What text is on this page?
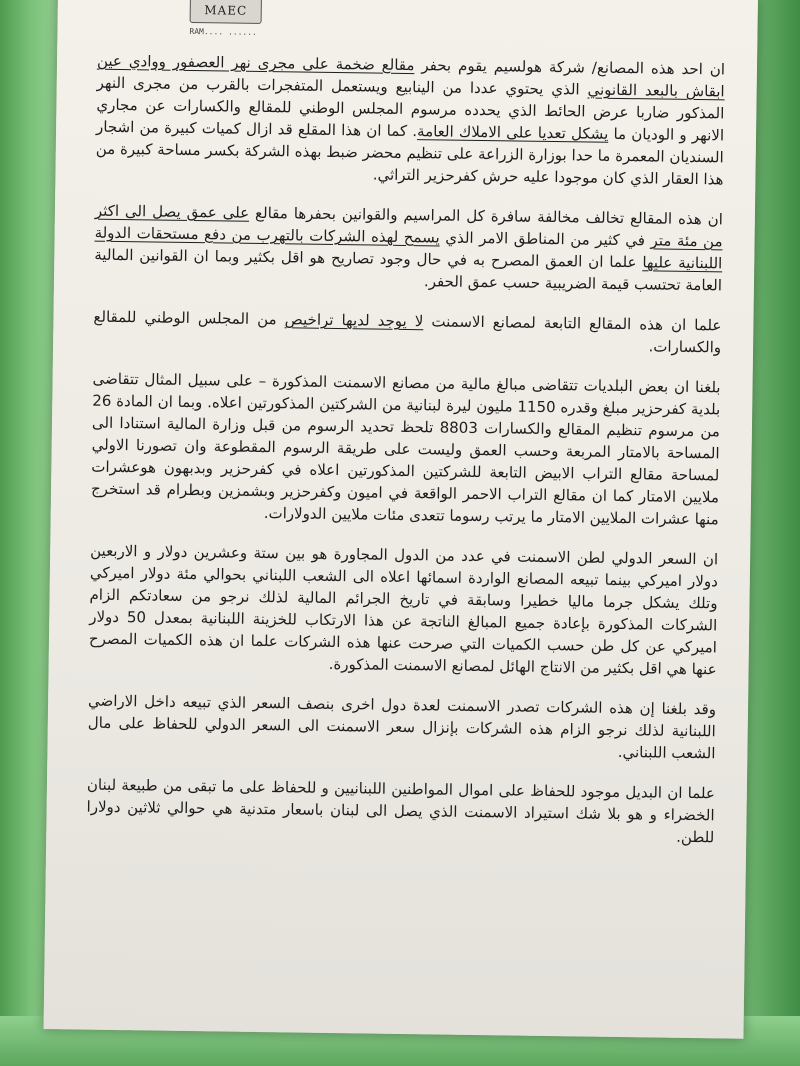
MAEC
RAM.... ......

ان احد هذه المصانع/ شركة هولسيم يقوم بحفر مقالع ضخمة على مجرى نهر العصفور ووادي عين ابقاش بالبعد القانوني الذي يحتوي عددا من الينابيع ويستعمل المتفجرات بالقرب من مجرى النهر المذكور ضاربا عرض الحائط الذي يحدده مرسوم المجلس الوطني للمقالع والكسارات عن مجاري الانهر و الوديان ما يشكل تعديا على الاملاك العامة. كما ان هذا المقلع قد ازال كميات كبيرة من اشجار السنديان المعمرة ما حدا بوزارة الزراعة على تنظيم محضر ضبط بهذه الشركة بكسر مساحة كبيرة من هذا العقار الذي كان موجودا عليه حرش كفرحزير التراثي.

ان هذه المقالع تخالف مخالفة سافرة كل المراسيم والقوانين بحفرها مقالع على عمق يصل الى اكثر من مئة متر في كثير من المناطق الامر الذي يسمح لهذه الشركات بالتهرب من دفع مستحقات الدولة اللبنانية عليها علما ان العمق المصرح به في حال وجود تصاريح هو اقل بكثير وبما ان القوانين المالية العامة تحتسب قيمة الضريبية حسب عمق الحفر.

علما ان هذه المقالع التابعة لمصانع الاسمنت لا يوجد لديها تراخيص من المجلس الوطني للمقالع والكسارات.

بلغنا ان بعض البلديات تتقاضى مبالغ مالية من مصانع الاسمنت المذكورة – على سبيل المثال تتقاضى بلدية كفرحزير مبلغ وقدره 1150 مليون ليرة لبنانية من الشركتين المذكورتين اعلاه. وبما ان المادة 26 من مرسوم تنظيم المقالع والكسارات 8803 تلحظ تحديد الرسوم من قبل وزارة المالية استنادا الى المساحة بالامتار المربعة وحسب العمق وليست على طريقة الرسوم المقطوعة وان تصورنا الاولي لمساحة مقالع التراب الابيض التابعة للشركتين المذكورتين اعلاه في كفرحزير وبدبهون هوعشرات ملايين الامتار كما ان مقالع التراب الاحمر الواقعة في اميون وكفرحزير وبشمزين وبطرام قد استخرج منها عشرات الملايين الامتار ما يرتب رسوما تتعدى مئات ملايين الدولارات.

ان السعر الدولي لطن الاسمنت في عدد من الدول المجاورة هو بين ستة وعشرين دولار و الاربعين دولار اميركي بينما تبيعه المصانع الواردة اسمائها اعلاه الى الشعب اللبناني بحوالي مئة دولار اميركي وتلك يشكل جرما ماليا خطيرا وسابقة في تاريخ الجرائم المالية لذلك نرجو من سعادتكم الزام الشركات المذكورة بإعادة جميع المبالغ الناتجة عن هذا الارتكاب للخزينة اللبنانية بمعدل 50 دولار اميركي عن كل طن حسب الكميات التي صرحت عنها هذه الشركات علما ان هذه الكميات المصرح عنها هي اقل بكثير من الانتاج الهائل لمصانع الاسمنت المذكورة.

وقد بلغنا إن هذه الشركات تصدر الاسمنت لعدة دول اخرى بنصف السعر الذي تبيعه داخل الاراضي اللبنانية لذلك نرجو الزام هذه الشركات بإنزال سعر الاسمنت الى السعر الدولي للحفاظ على مال الشعب اللبناني.

علما ان البديل موجود للحفاظ على اموال المواطنين اللبنانيين و للحفاظ على ما تبقى من طبيعة لبنان الخضراء و هو بلا شك استيراد الاسمنت الذي يصل الى لبنان باسعار متدنية هي حوالي ثلاثين دولارا للطن.
